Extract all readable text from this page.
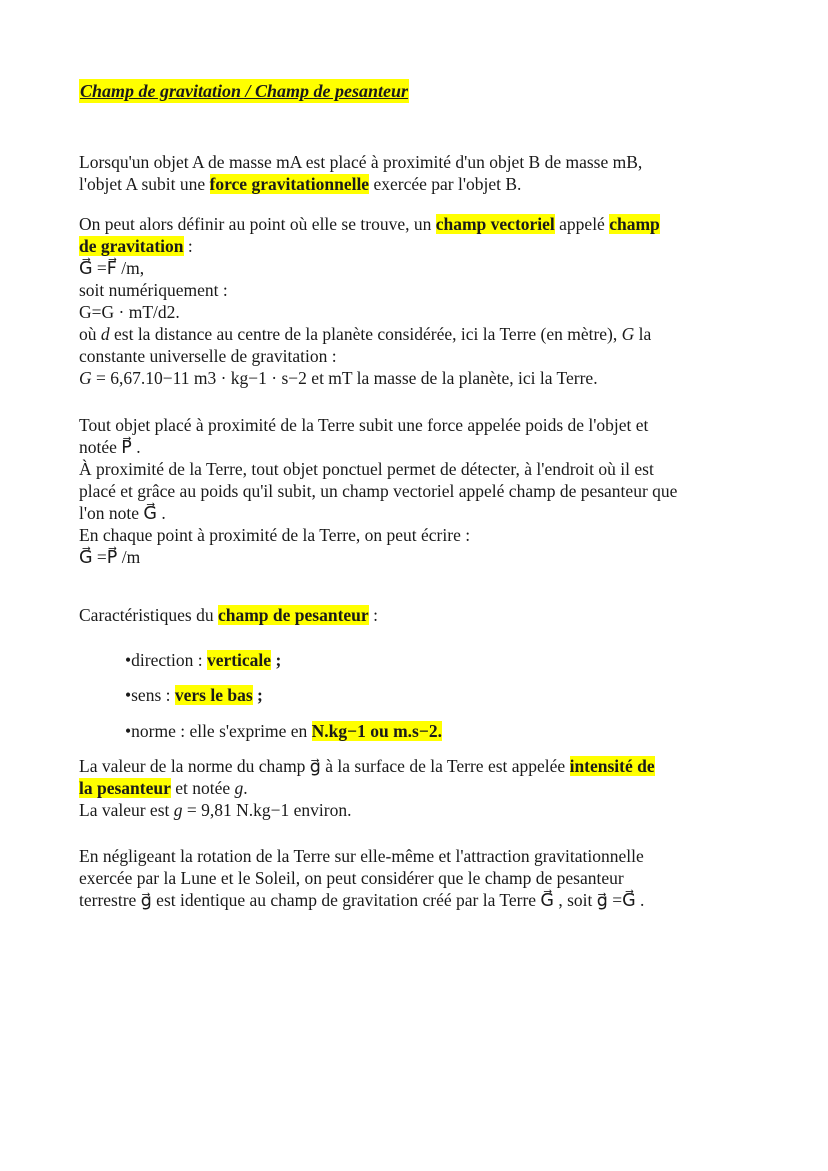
Champ de gravitation / Champ de pesanteur

Lorsqu'un objet A de masse mA est placé à proximité d'un objet B de masse mB,
l'objet A subit une force gravitationnelle exercée par l'objet B.

On peut alors définir au point où elle se trouve, un champ vectoriel appelé champ
de gravitation :
G⃗ =F⃗ /m,
soit numériquement :
G=G · mT/d2.
où d est la distance au centre de la planète considérée, ici la Terre (en mètre), G la
constante universelle de gravitation :
G = 6,67.10−11 m3 · kg−1 · s−2 et mT la masse de la planète, ici la Terre.

Tout objet placé à proximité de la Terre subit une force appelée poids de l'objet et
notée P⃗ .
À proximité de la Terre, tout objet ponctuel permet de détecter, à l'endroit où il est
placé et grâce au poids qu'il subit, un champ vectoriel appelé champ de pesanteur que
l'on note G⃗ .
En chaque point à proximité de la Terre, on peut écrire :
G⃗ =P⃗ /m

Caractéristiques du champ de pesanteur :

•direction : verticale ;
•sens : vers le bas ;
•norme : elle s'exprime en N.kg−1 ou m.s−2.

La valeur de la norme du champ g⃗ à la surface de la Terre est appelée intensité de
la pesanteur et notée g.
La valeur est g = 9,81 N.kg−1 environ.

En négligeant la rotation de la Terre sur elle-même et l'attraction gravitationnelle
exercée par la Lune et le Soleil, on peut considérer que le champ de pesanteur
terrestre g⃗ est identique au champ de gravitation créé par la Terre G⃗ , soit g⃗ =G⃗ .
